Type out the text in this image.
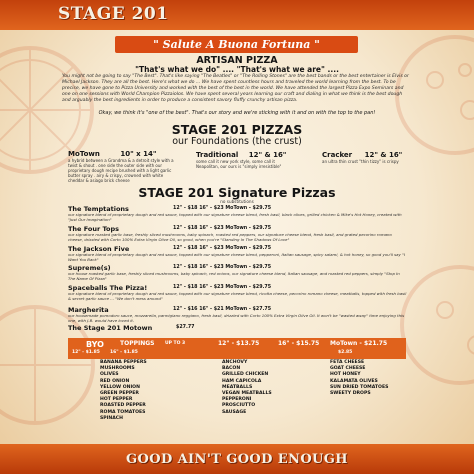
STAGE 201
" Salute A Buona Fortuna "
ARTISAN PIZZA
"That's what we do" .... "That's what we are" ....
You might not be going to say "The Best". That's like saying "The Beatles" or "The Rolling Stones" are the best bands or the best entertainer is Elvis or Michael Jackson. They are all the best. Here's what we do ... We have spent countless hours and traveled the world learning from the best. To be precise, we have gone to Pizza University and worked with the best of the best in the world. We have attended the largest Pizza Expo Seminars and one on one sessions with World Champion Pizzaiolos. We have spent several years learning our craft and dialing in what we think is the best dough and arguably the best ingredients in order to produce a consistent savory fluffy crunchy artisan pizza.
Okay, we think it's "one of the best". That's our story and we're sticking with it and on with the top to the pan!
STAGE 201 PIZZAS
our Foundations (the crust)
MoTown	10" x 14"
a hybrid between a Grandma & a detroit style with a twist & shout . one side the outer side with our proprietary dough recipe brushed with a light garlic butter spray . airy & crispy, crowned with white cheddar & asiago brick cheese
Traditional 12" & 16"
some call it new york style, some call it Neapolitan, our ours is "simply irresistible"
Cracker 12" & 16"
an ultra thin crust "thin tizzy" is crispy
STAGE 201 Signature Pizzas
no substitutions
The Temptations	12" - $18 16" - $23 MoTown - $29.75
our signature blend of proprietary dough and red sauce, topped with our signature cheese blend, fresh basil, black olives, grilled chicken & Mike's Hot Honey, created with "Just Our Imagination"
The Four Tops	12" - $18 16" - $23 MoTown - $29.75
our signature roasted garlic base, freshly sliced mushrooms, baby spinach, roasted red peppers, our signature cheese blend, fresh basil, and grated pecorino romano cheese, drizzled with Corto 100% Extra Virgin Olive Oil, so good, when you're "Standing In The Shadows Of Love"
The Jackson Five	12" - $18 16" - $23 MoTown - $29.75
our signature blend of proprietary dough and red sauce, topped with our signature cheese blend, pepperoni, Italian sausage, spicy salami, & hot honey, so good you'll say "I Want You Back"
Supreme(s)	12" - $18 16" - $23 MoTown - $29.75
our house roasted garlic base, freshly sliced mushrooms, baby spinach, red onions, our signature cheese blend, Italian sausage, and roasted red peppers, simply "Stop In The Name Of Pizza"
Spaceballs The Pizza!	12" - $18 16" - $23 MoTown - $29.75
our signature blend of proprietary dough and red sauce, topped with our signature cheese blend, ricotta cheese, pecorino romano cheese, meatballs, topped with fresh basil & secret garlic sauce ... "We don't mess around"
Margherita	12" - $16 16" - $21 MoTown - $27.75
our housemade pomodoro sauce, mozzarella, parmigiano reggiano, fresh basil, drizzled with Corto 100% Extra Virgin Olive Oil. It won't be "wasted away" time enjoying this one, with J.B. would have loved it.
The Stage 201 Motown	$27.77
BYO	TOPPINGS UP TO 3	12" - $13.75	16" - $15.75 MoTown - $21.75
12" - $1.85 16" - $1.85	$2.85
BANANA PEPPERS
MUSHROOMS
OLIVES
RED ONION
YELLOW ONION
GREEN PEPPER
HOT PEPPER
ROASTED PEPPER
ROMA TOMATOES
SPINACH
ANCHOVY
BACON
GRILLED CHICKEN
HAM CAPICOLA
MEATBALLS
VEGAN MEATBALLS
PEPPERONI
PROSCIUTTO
SAUSAGE
FETA CHEESE
GOAT CHEESE
HOT HONEY
KALAMATA OLIVES
SUN DRIED TOMATOES
SWEETY DROPS
GOOD AIN'T GOOD ENOUGH
